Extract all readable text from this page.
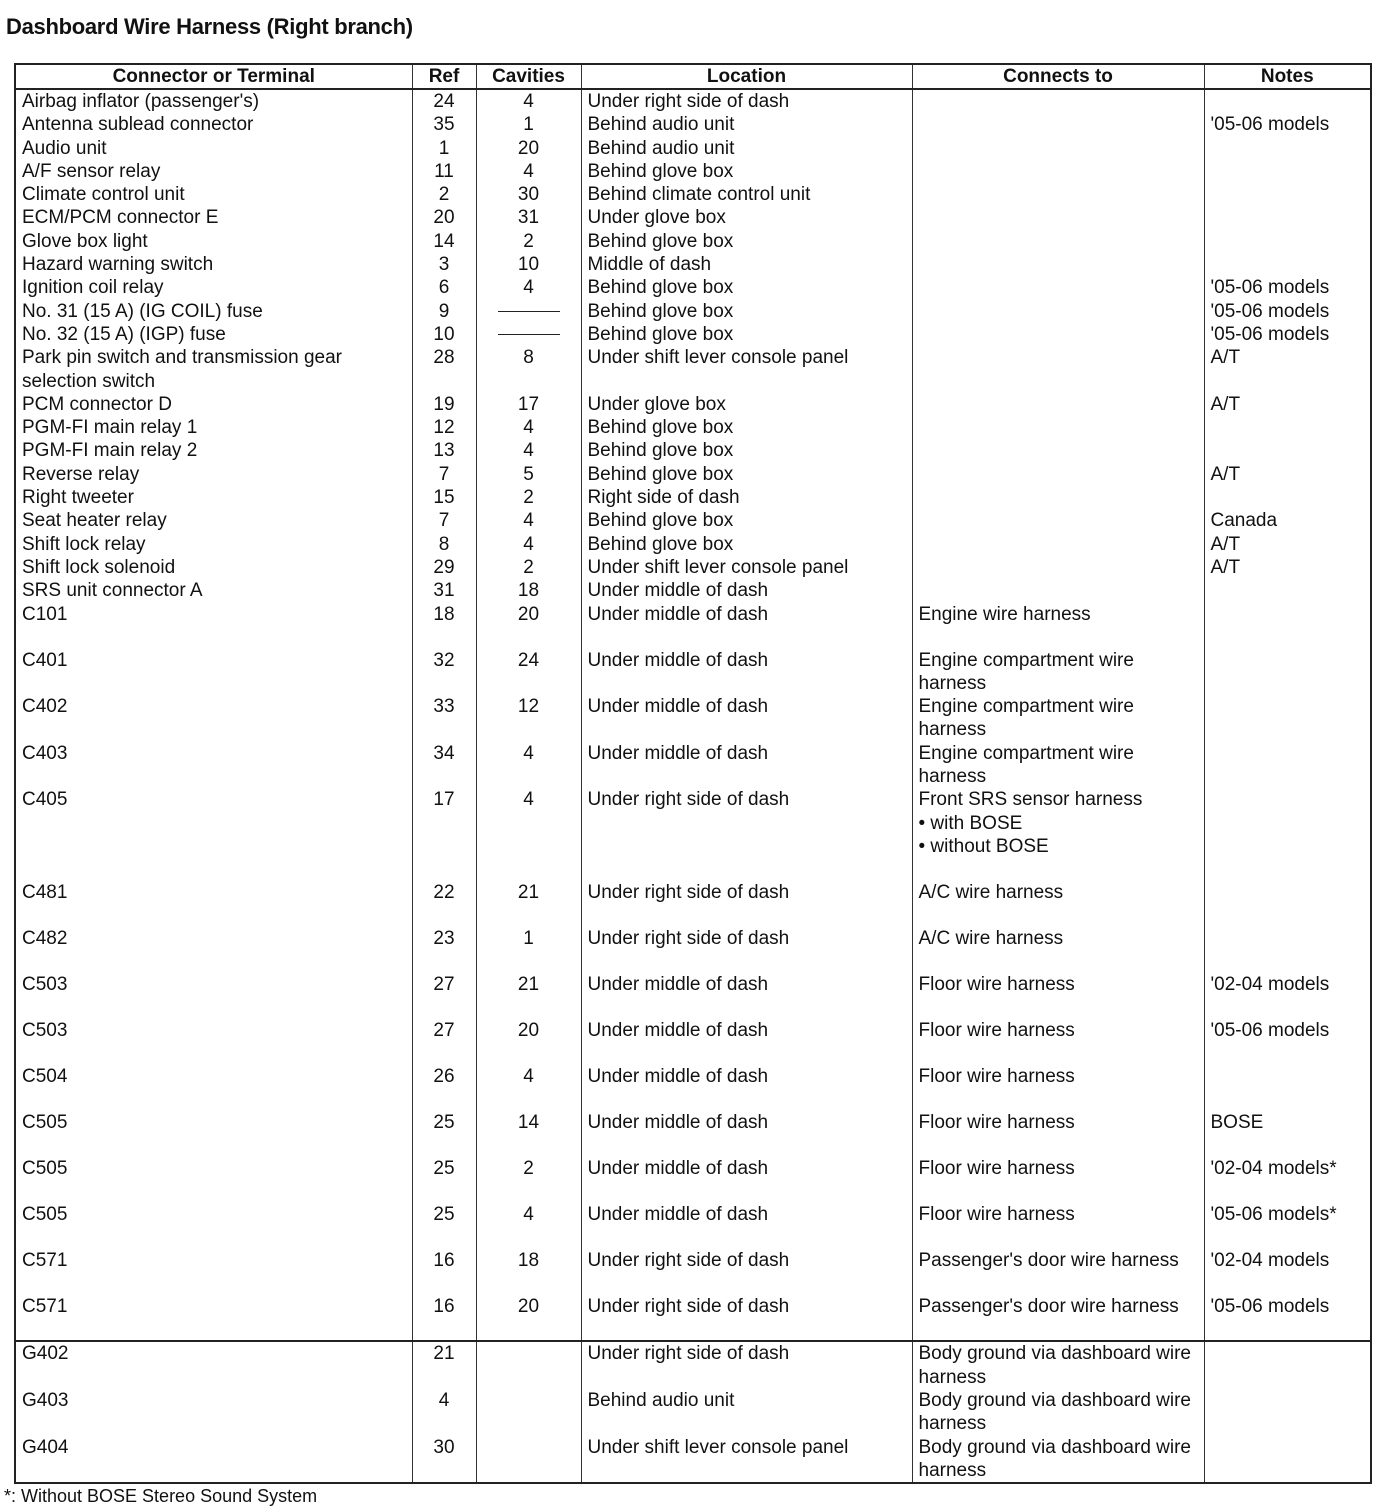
Dashboard Wire Harness (Right branch)
Connector or Terminal	Ref	Cavities	Location	Connects to	Notes
Airbag inflator (passenger's)	24	4	Under right side of dash		
Antenna sublead connector	35	1	Behind audio unit		'05-06 models
Audio unit	1	20	Behind audio unit		
A/F sensor relay	11	4	Behind glove box		
Climate control unit	2	30	Behind climate control unit		
ECM/PCM connector E	20	31	Under glove box		
Glove box light	14	2	Behind glove box		
Hazard warning switch	3	10	Middle of dash		
Ignition coil relay	6	4	Behind glove box		'05-06 models
No. 31 (15 A) (IG COIL) fuse	9		Behind glove box		'05-06 models
No. 32 (15 A) (IGP) fuse	10		Behind glove box		'05-06 models
Park pin switch and transmission gear selection switch	28	8	Under shift lever console panel		A/T
PCM connector D	19	17	Under glove box		A/T
PGM-FI main relay 1	12	4	Behind glove box		
PGM-FI main relay 2	13	4	Behind glove box		
Reverse relay	7	5	Behind glove box		A/T
Right tweeter	15	2	Right side of dash		
Seat heater relay	7	4	Behind glove box		Canada
Shift lock relay	8	4	Behind glove box		A/T
Shift lock solenoid	29	2	Under shift lever console panel		A/T
SRS unit connector A	31	18	Under middle of dash		
C101	18	20	Under middle of dash	Engine wire harness	
C401	32	24	Under middle of dash	Engine compartment wire harness	
C402	33	12	Under middle of dash	Engine compartment wire harness	
C403	34	4	Under middle of dash	Engine compartment wire harness	
C405	17	4	Under right side of dash	Front SRS sensor harness
• with BOSE
• without BOSE	

C481	22	21	Under right side of dash	A/C wire harness	
C482	23	1	Under right side of dash	A/C wire harness	
C503	27	21	Under middle of dash	Floor wire harness	'02-04 models
C503	27	20	Under middle of dash	Floor wire harness	'05-06 models
C504	26	4	Under middle of dash	Floor wire harness	
C505	25	14	Under middle of dash	Floor wire harness	BOSE
C505	25	2	Under middle of dash	Floor wire harness	'02-04 models*
C505	25	4	Under middle of dash	Floor wire harness	'05-06 models*
C571	16	18	Under right side of dash	Passenger's door wire harness	'02-04 models
C571	16	20	Under right side of dash	Passenger's door wire harness	'05-06 models
G402	21		Under right side of dash	Body ground via dashboard wire harness	
G403	4		Behind audio unit	Body ground via dashboard wire harness	
G404	30		Under shift lever console panel	Body ground via dashboard wire harness	
*: Without BOSE Stereo Sound System
